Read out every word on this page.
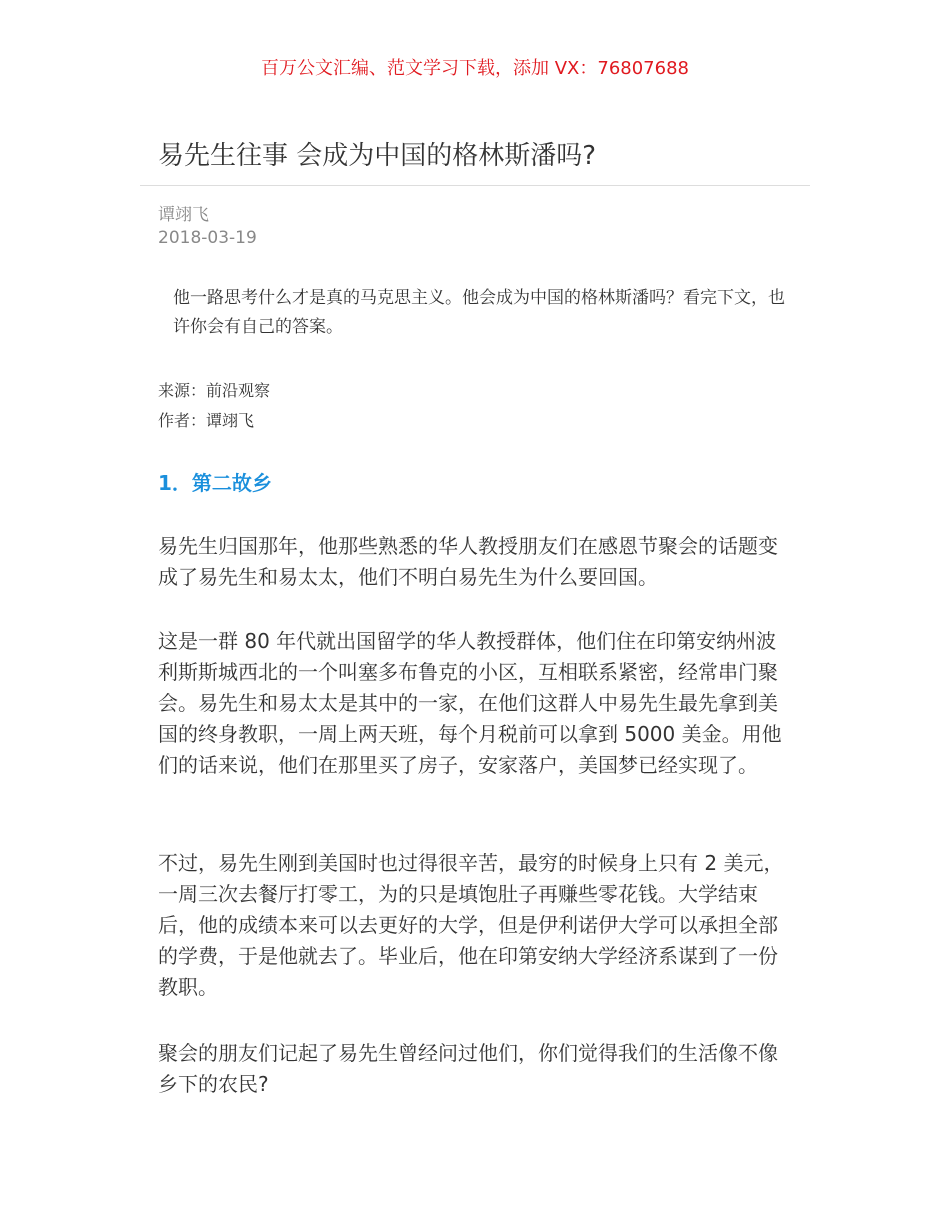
百万公文汇编、范文学习下载，添加 VX：76807688
易先生往事 会成为中国的格林斯潘吗?
谭翊飞
2018-03-19
他一路思考什么才是真的马克思主义。他会成为中国的格林斯潘吗？看完下文，也许你会有自己的答案。
来源：前沿观察
作者：谭翊飞
1．第二故乡

易先生归国那年，他那些熟悉的华人教授朋友们在感恩节聚会的话题变成了易先生和易太太，他们不明白易先生为什么要回国。

这是一群 80 年代就出国留学的华人教授群体，他们住在印第安纳州波利斯斯城西北的一个叫塞多布鲁克的小区，互相联系紧密，经常串门聚会。易先生和易太太是其中的一家，在他们这群人中易先生最先拿到美国的终身教职，一周上两天班，每个月税前可以拿到 5000 美金。用他们的话来说，他们在那里买了房子，安家落户，美国梦已经实现了。

不过，易先生刚到美国时也过得很辛苦，最穷的时候身上只有 2 美元，一周三次去餐厅打零工，为的只是填饱肚子再赚些零花钱。大学结束后，他的成绩本来可以去更好的大学，但是伊利诺伊大学可以承担全部的学费，于是他就去了。毕业后，他在印第安纳大学经济系谋到了一份教职。

聚会的朋友们记起了易先生曾经问过他们，你们觉得我们的生活像不像乡下的农民?
